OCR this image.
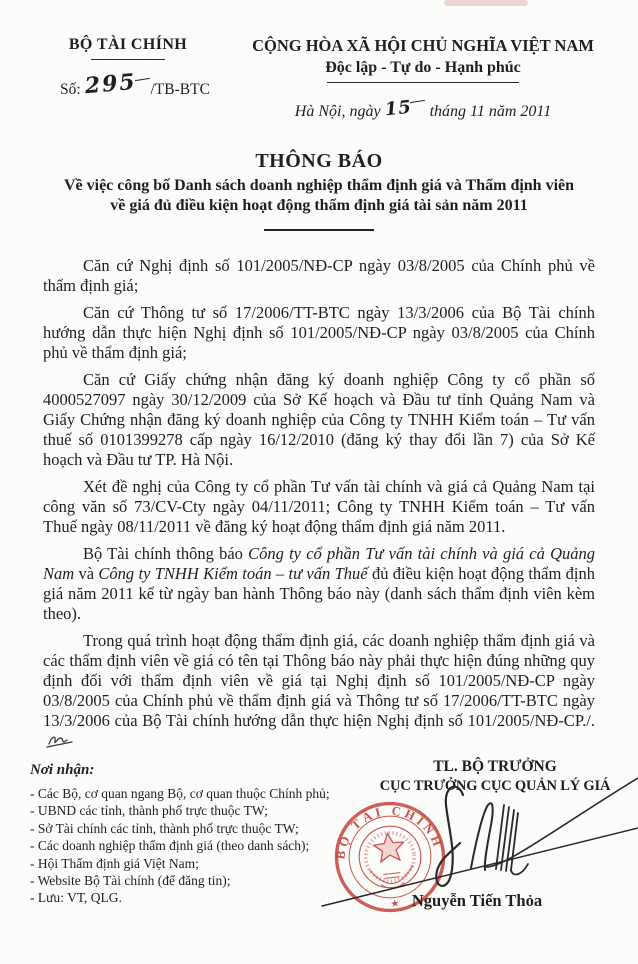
BỘ TÀI CHÍNH
Số: 295 /TB-BTC
CỘNG HÒA XÃ HỘI CHỦ NGHĨA VIỆT NAM
Độc lập - Tự do - Hạnh phúc
Hà Nội, ngày 15 tháng 11 năm 2011
THÔNG BÁO
Về việc công bố Danh sách doanh nghiệp thẩm định giá và Thẩm định viên
về giá đủ điều kiện hoạt động thẩm định giá tài sản năm 2011

Căn cứ Nghị định số 101/2005/NĐ-CP ngày 03/8/2005 của Chính phủ về thẩm định giá;

Căn cứ Thông tư số 17/2006/TT-BTC ngày 13/3/2006 của Bộ Tài chính hướng dẫn thực hiện Nghị định số 101/2005/NĐ-CP ngày 03/8/2005 của Chính phủ về thẩm định giá;

Căn cứ Giấy chứng nhận đăng ký doanh nghiệp Công ty cổ phần số 4000527097 ngày 30/12/2009 của Sở Kế hoạch và Đầu tư tỉnh Quảng Nam và Giấy Chứng nhận đăng ký doanh nghiệp của Công ty TNHH Kiểm toán – Tư vấn thuế số 0101399278 cấp ngày 16/12/2010 (đăng ký thay đổi lần 7) của Sở Kế hoạch và Đầu tư TP. Hà Nội.

Xét đề nghị của Công ty cổ phần Tư vấn tài chính và giá cả Quảng Nam tại công văn số 73/CV-Cty ngày 04/11/2011; Công ty TNHH Kiểm toán – Tư vấn Thuế ngày 08/11/2011 về đăng ký hoạt động thẩm định giá năm 2011.

Bộ Tài chính thông báo Công ty cổ phần Tư vấn tài chính và giá cả Quảng Nam và Công ty TNHH Kiểm toán – tư vấn Thuế đủ điều kiện hoạt động thẩm định giá năm 2011 kể từ ngày ban hành Thông báo này (danh sách thẩm định viên kèm theo).

Trong quá trình hoạt động thẩm định giá, các doanh nghiệp thẩm định giá và các thẩm định viên về giá có tên tại Thông báo này phải thực hiện đúng những quy định đối với thẩm định viên về giá tại Nghị định số 101/2005/NĐ-CP ngày 03/8/2005 của Chính phủ về thẩm định giá và Thông tư số 17/2006/TT-BTC ngày 13/3/2006 của Bộ Tài chính hướng dẫn thực hiện Nghị định số 101/2005/NĐ-CP./.

Nơi nhận:
- Các Bộ, cơ quan ngang Bộ, cơ quan thuộc Chính phủ;
- UBND các tỉnh, thành phố trực thuộc TW;
- Sở Tài chính các tỉnh, thành phố trực thuộc TW;
- Các doanh nghiệp thẩm định giá (theo danh sách);
- Hội Thẩm định giá Việt Nam;
- Website Bộ Tài chính (để đăng tin);
- Lưu: VT, QLG.
TL. BỘ TRƯỞNG
CỤC TRƯỞNG CỤC QUẢN LÝ GIÁ
BỘ TÀI CHÍNH
★ Nguyễn Tiến Thỏa
